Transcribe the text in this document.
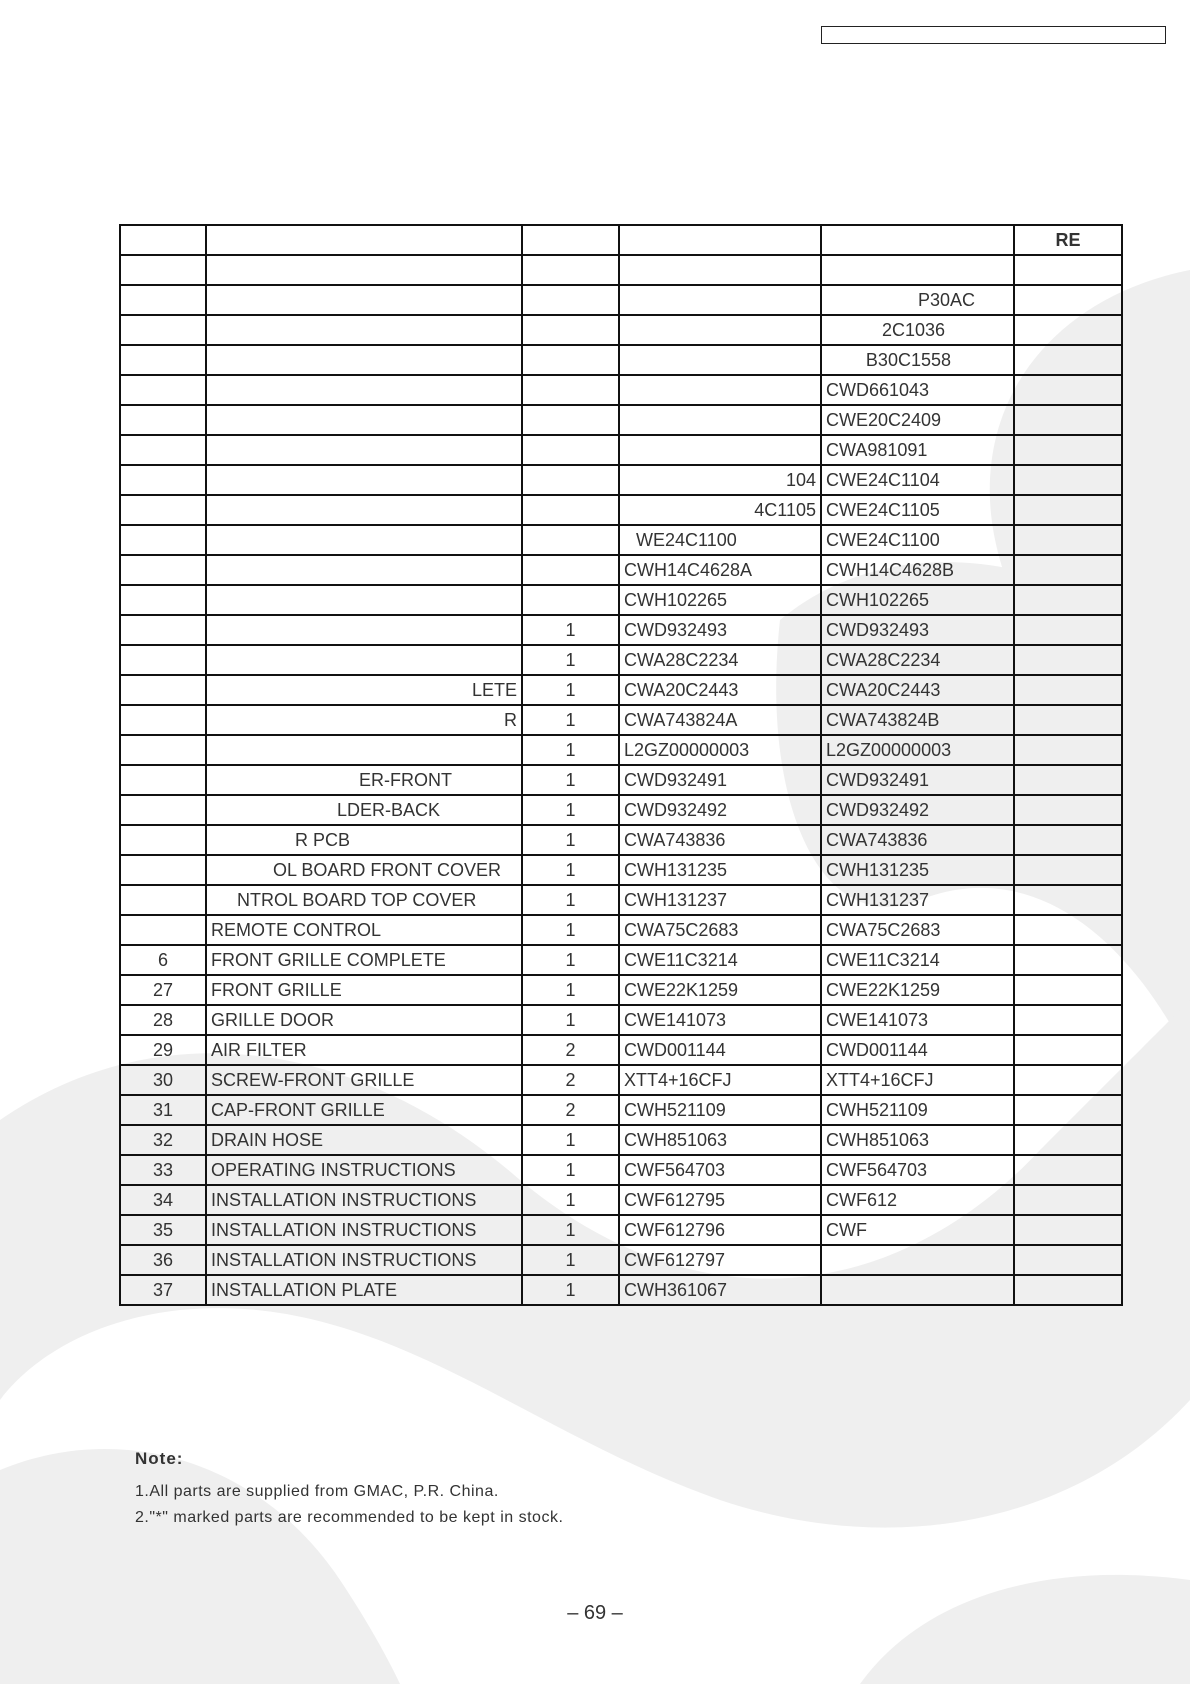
					RE

				P30AC	
				2C1036	
				B30C1558	
				CWD661043	
				CWE20C2409	
				CWA981091	
			104	CWE24C1104	
			4C1105	CWE24C1105	
			WE24C1100	CWE24C1100	
			CWH14C4628A	CWH14C4628B	
			CWH102265	CWH102265	
		1	CWD932493	CWD932493	
		1	CWA28C2234	CWA28C2234	
	LETE	1	CWA20C2443	CWA20C2443	
	R	1	CWA743824A	CWA743824B	
		1	L2GZ00000003	L2GZ00000003	
	ER-FRONT	1	CWD932491	CWD932491	
	LDER-BACK	1	CWD932492	CWD932492	
	R PCB	1	CWA743836	CWA743836	
	OL BOARD FRONT COVER	1	CWH131235	CWH131235	
	NTROL BOARD TOP COVER	1	CWH131237	CWH131237	
	REMOTE CONTROL	1	CWA75C2683	CWA75C2683	
6	FRONT GRILLE COMPLETE	1	CWE11C3214	CWE11C3214	
27	FRONT GRILLE	1	CWE22K1259	CWE22K1259	
28	GRILLE DOOR	1	CWE141073	CWE141073	
29	AIR FILTER	2	CWD001144	CWD001144	
30	SCREW-FRONT GRILLE	2	XTT4+16CFJ	XTT4+16CFJ	
31	CAP-FRONT GRILLE	2	CWH521109	CWH521109	
32	DRAIN HOSE	1	CWH851063	CWH851063	
33	OPERATING INSTRUCTIONS	1	CWF564703	CWF564703	
34	INSTALLATION INSTRUCTIONS	1	CWF612795	CWF612	
35	INSTALLATION INSTRUCTIONS	1	CWF612796	CWF	
36	INSTALLATION INSTRUCTIONS	1	CWF612797		
37	INSTALLATION PLATE	1	CWH361067		
Note:
1.All parts are supplied from GMAC, P.R. China.
2."*" marked parts are recommended to be kept in stock.
– 69 –
